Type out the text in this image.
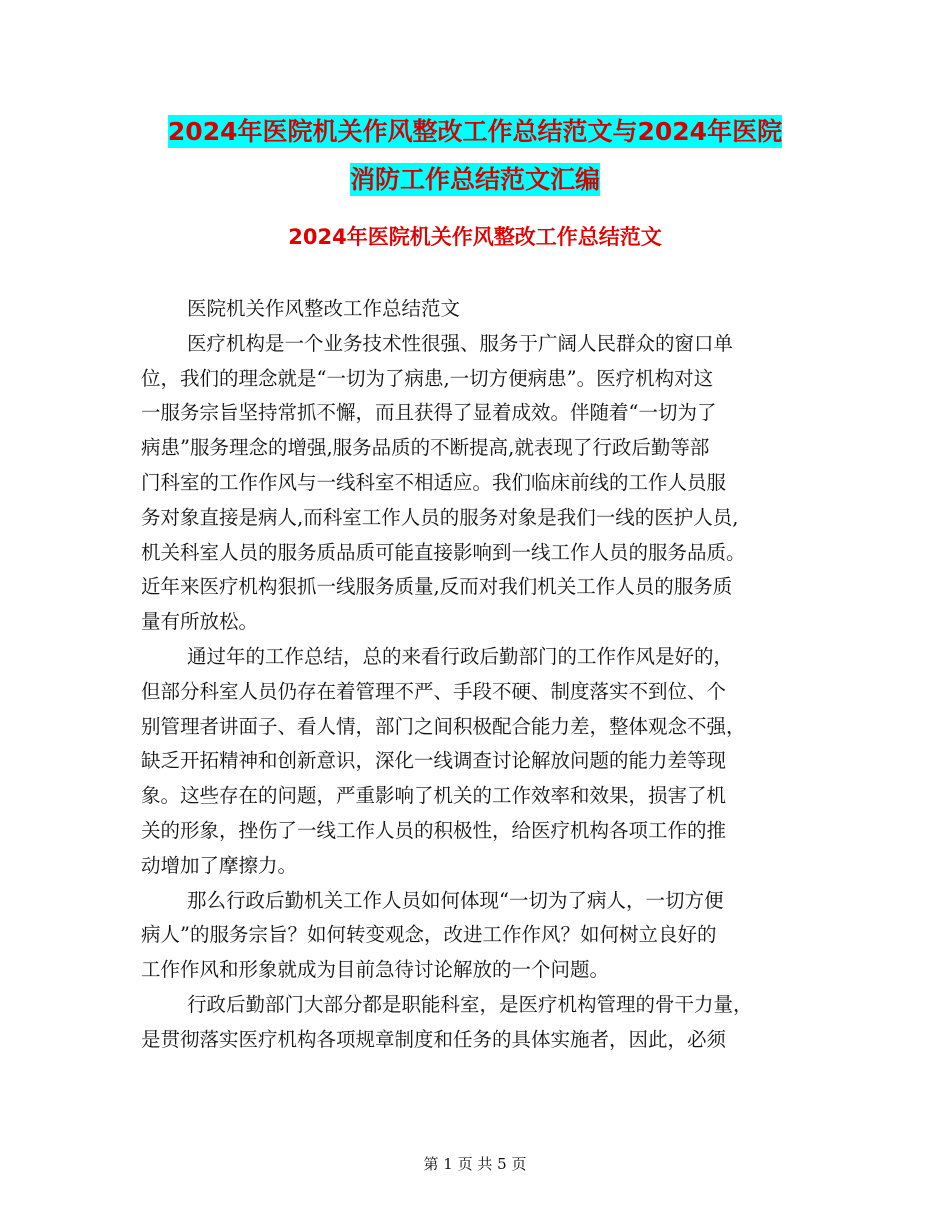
2024年医院机关作风整改工作总结范文与2024年医院
消防工作总结范文汇编
2024年医院机关作风整改工作总结范文
医院机关作风整改工作总结范文
医疗机构是一个业务技术性很强、服务于广阔人民群众的窗口单
位，我们的理念就是“一切为了病患,一切方便病患”。医疗机构对这
一服务宗旨坚持常抓不懈，而且获得了显着成效。伴随着“一切为了
病患”服务理念的增强,服务品质的不断提高,就表现了行政后勤等部
门科室的工作作风与一线科室不相适应。我们临床前线的工作人员服
务对象直接是病人,而科室工作人员的服务对象是我们一线的医护人员,
机关科室人员的服务质品质可能直接影响到一线工作人员的服务品质。
近年来医疗机构狠抓一线服务质量,反而对我们机关工作人员的服务质
量有所放松。
通过年的工作总结，总的来看行政后勤部门的工作作风是好的，
但部分科室人员仍存在着管理不严、手段不硬、制度落实不到位、个
别管理者讲面子、看人情，部门之间积极配合能力差，整体观念不强，
缺乏开拓精神和创新意识，深化一线调查讨论解放问题的能力差等现
象。这些存在的问题，严重影响了机关的工作效率和效果，损害了机
关的形象，挫伤了一线工作人员的积极性，给医疗机构各项工作的推
动增加了摩擦力。
那么行政后勤机关工作人员如何体现“一切为了病人，一切方便
病人”的服务宗旨？如何转变观念，改进工作作风？如何树立良好的
工作作风和形象就成为目前急待讨论解放的一个问题。
行政后勤部门大部分都是职能科室，是医疗机构管理的骨干力量，
是贯彻落实医疗机构各项规章制度和任务的具体实施者，因此，必须
第 1 页 共 5 页
